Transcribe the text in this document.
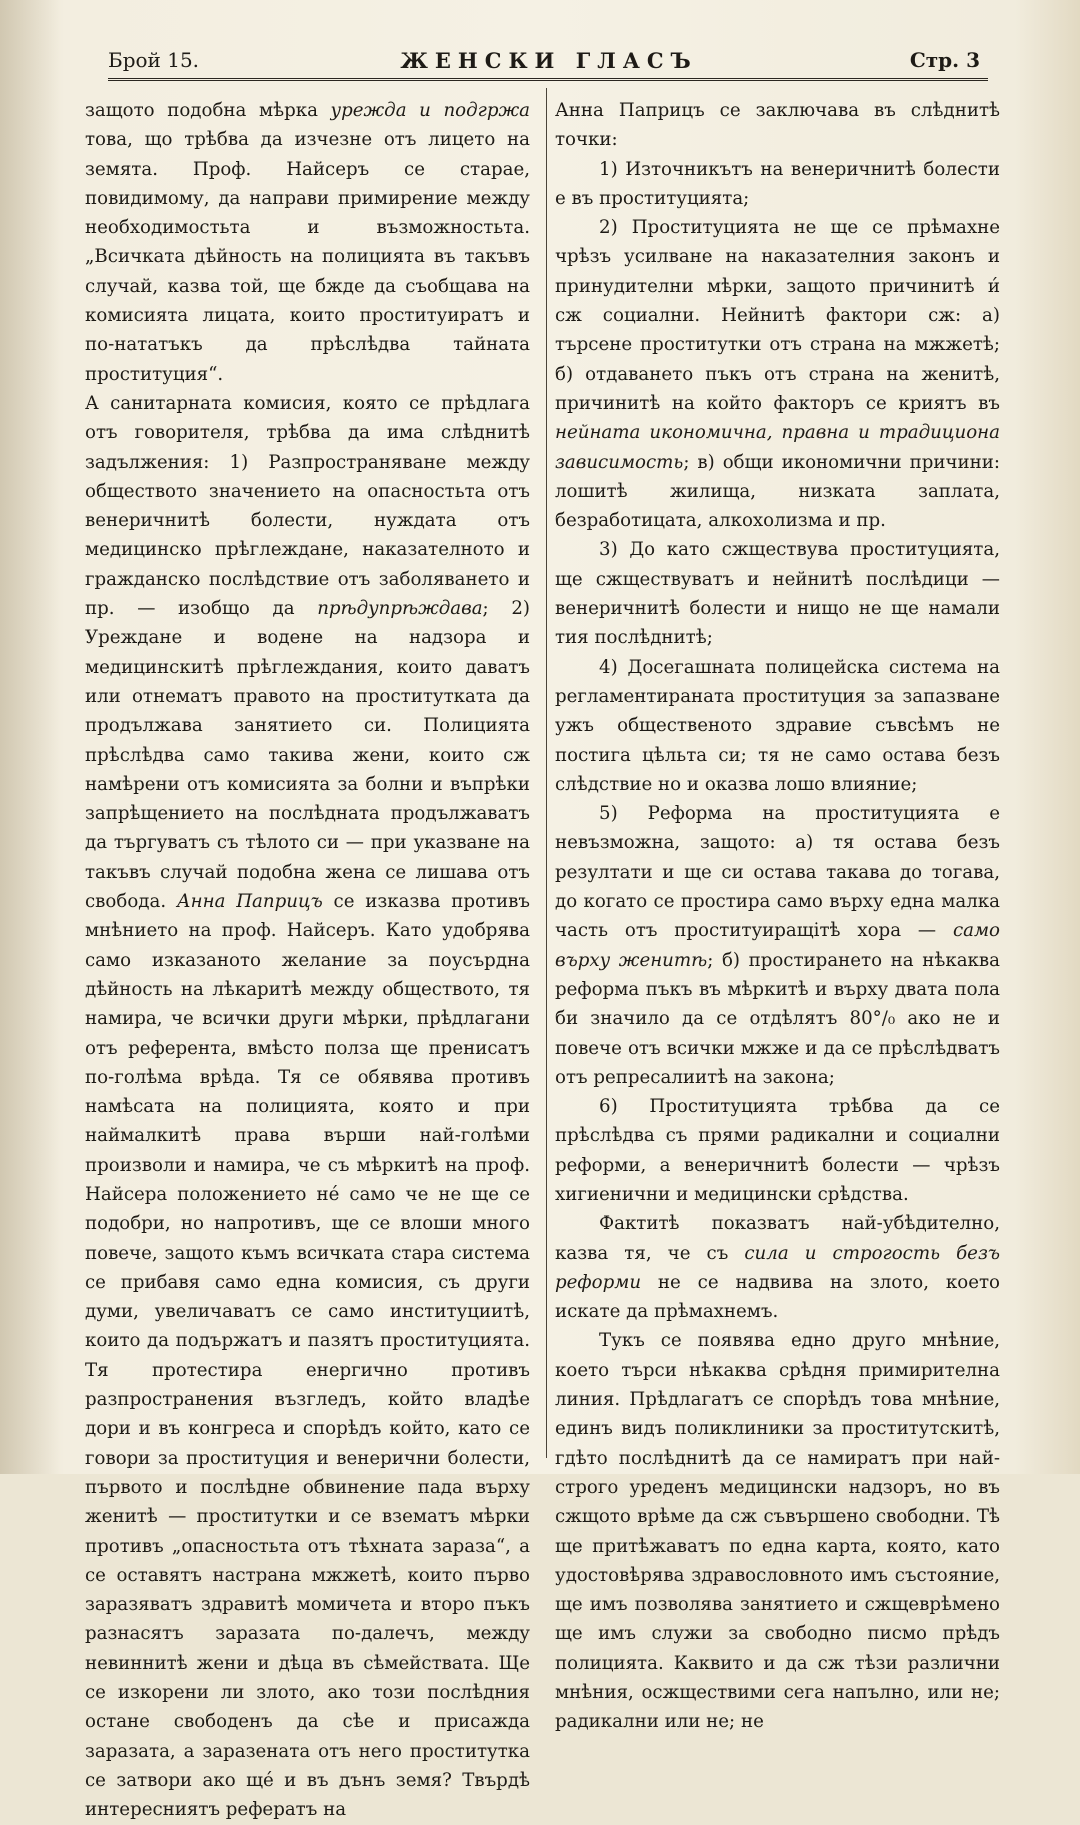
Брой 15.	ЖЕНСКИ ГЛАСЪ	Стр. 3

защото подобна мѣрка урежда и подгржа това, що трѣбва да изчезне отъ лицето на земята. Проф. Найсеръ се старае, повидимому, да направи примирение между необходимостьта и възможностьта. „Всичката дѣйность на полицията въ такъвъ случай, казва той, ще бжде да съобщава на комисията лицата, които проституиратъ и по-нататъкъ да прѣслѣдва тайната проституция“.

А санитарната комисия, която се прѣдлага отъ говорителя, трѣбва да има слѣднитѣ задължения: 1) Разпространяване между обществото значението на опасностьта отъ венеричнитѣ болести, нуждата отъ медицинско прѣглеждане, наказателното и гражданско послѣдствие отъ заболяването и пр. — изобщо да прѣдупрѣждава; 2) Уреждане и водене на надзора и медицинскитѣ прѣглеждания, които даватъ или отнематъ правото на проститутката да продължава занятието си. Полицията прѣслѣдва само такива жени, които сж намѣрени отъ комисията за болни и въпрѣки запрѣщението на послѣдната продължаватъ да търгуватъ съ тѣлото си — при указване на такъвъ случай подобна жена се лишава отъ свобода. Анна Паприцъ се изказва противъ мнѣнието на проф. Найсеръ. Като удобрява само изказаното желание за поусърдна дѣйность на лѣкаритѣ между обществото, тя намира, че всички други мѣрки, прѣдлагани отъ референта, вмѣсто полза ще пренисатъ по-голѣма врѣда. Тя се обявява противъ намѣсата на полицията, която и при наймалкитѣ права върши най-голѣми произволи и намира, че съ мѣркитѣ на проф. Найсера положението нé само че не ще се подобри, но напротивъ, ще се влоши много повече, защото къмъ всичката стара система се прибавя само една комисия, съ други думи, увеличаватъ се само институциитѣ, които да подържатъ и пазятъ проституцията. Тя протестира енергично противъ разпространения възгледъ, който владѣе дори и въ конгреса и спорѣдъ който, като се говори за проституция и венерични болести, първото и послѣдне обвинение пада върху женитѣ — проститутки и се взематъ мѣрки противъ „опасностьта отъ тѣхната зараза“, а се оставятъ настрана мжжетѣ, които първо заразяватъ здравитѣ момичета и второ пъкъ разнасятъ заразата по-далечъ, между невиннитѣ жени и дѣца въ сѣмействата. Ще се изкорени ли злото, ако този послѣдния остане свободенъ да сѣе и присажда заразата, а заразената отъ него проститутка се затвори ако щé и въ дънъ земя? Твърдѣ интересниятъ рефератъ на

Анна Паприцъ се заключава въ слѣднитѣ точки:

1) Източникътъ на венеричнитѣ болести е въ проституцията;

2) Проституцията не ще се прѣмахне чрѣзъ усилване на наказателния законъ и принудителни мѣрки, защото причинитѣ и́ сж социални. Нейнитѣ фактори сж: а) търсене проститутки отъ страна на мжжетѣ; б) отдаването пъкъ отъ страна на женитѣ, причинитѣ на който факторъ се криятъ въ нейната икономична, правна и традициона зависимость; в) общи икономични причини: лошитѣ жилища, низката заплата, безработицата, алкохолизма и пр.

3) До като сжществува проституцията, ще сжществуватъ и нейнитѣ послѣдици — венеричнитѣ болести и нищо не ще намали тия послѣднитѣ;

4) Досегашната полицейска система на регламентираната проституция за запазване ужъ общественото здравие съвсѣмъ не постига цѣльта си; тя не само остава безъ слѣдствие но и оказва лошо влияние;

5) Реформа на проституцията е невъзможна, защото: а) тя остава безъ резултати и ще си остава такава до тогава, до когато се простира само върху една малка часть отъ проституиращiтѣ хора — само върху женитѣ; б) простирането на нѣкаква реформа пъкъ въ мѣркитѣ и върху двата пола би значило да се отдѣлятъ 80°/₀ ако не и повече отъ всички мжже и да се прѣслѣдватъ отъ репресалиитѣ на закона;

6) Проституцията трѣбва да се прѣслѣдва съ прями радикални и социални реформи, а венеричнитѣ болести — чрѣзъ хигиенични и медицински срѣдства.

Фактитѣ показватъ най-убѣдително, казва тя, че съ сила и строгость безъ реформи не се надвива на злото, което искате да прѣмахнемъ.

Тукъ се появява едно друго мнѣние, което търси нѣкаква срѣдня примирителна линия. Прѣдлагатъ се спорѣдъ това мнѣние, единъ видъ поликлиники за проститутскитѣ, гдѣто послѣднитѣ да се намиратъ при най-строго уреденъ медицински надзоръ, но въ сжщото врѣме да сж съвършено свободни. Тѣ ще притѣжаватъ по една карта, която, като удостовѣрява здравословното имъ състояние, ще имъ позволява занятието и сжщеврѣмено ще имъ служи за свободно писмо прѣдъ полицията. Каквито и да сж тѣзи различни мнѣния, осжществими сега напълно, или не; радикални или не; не
